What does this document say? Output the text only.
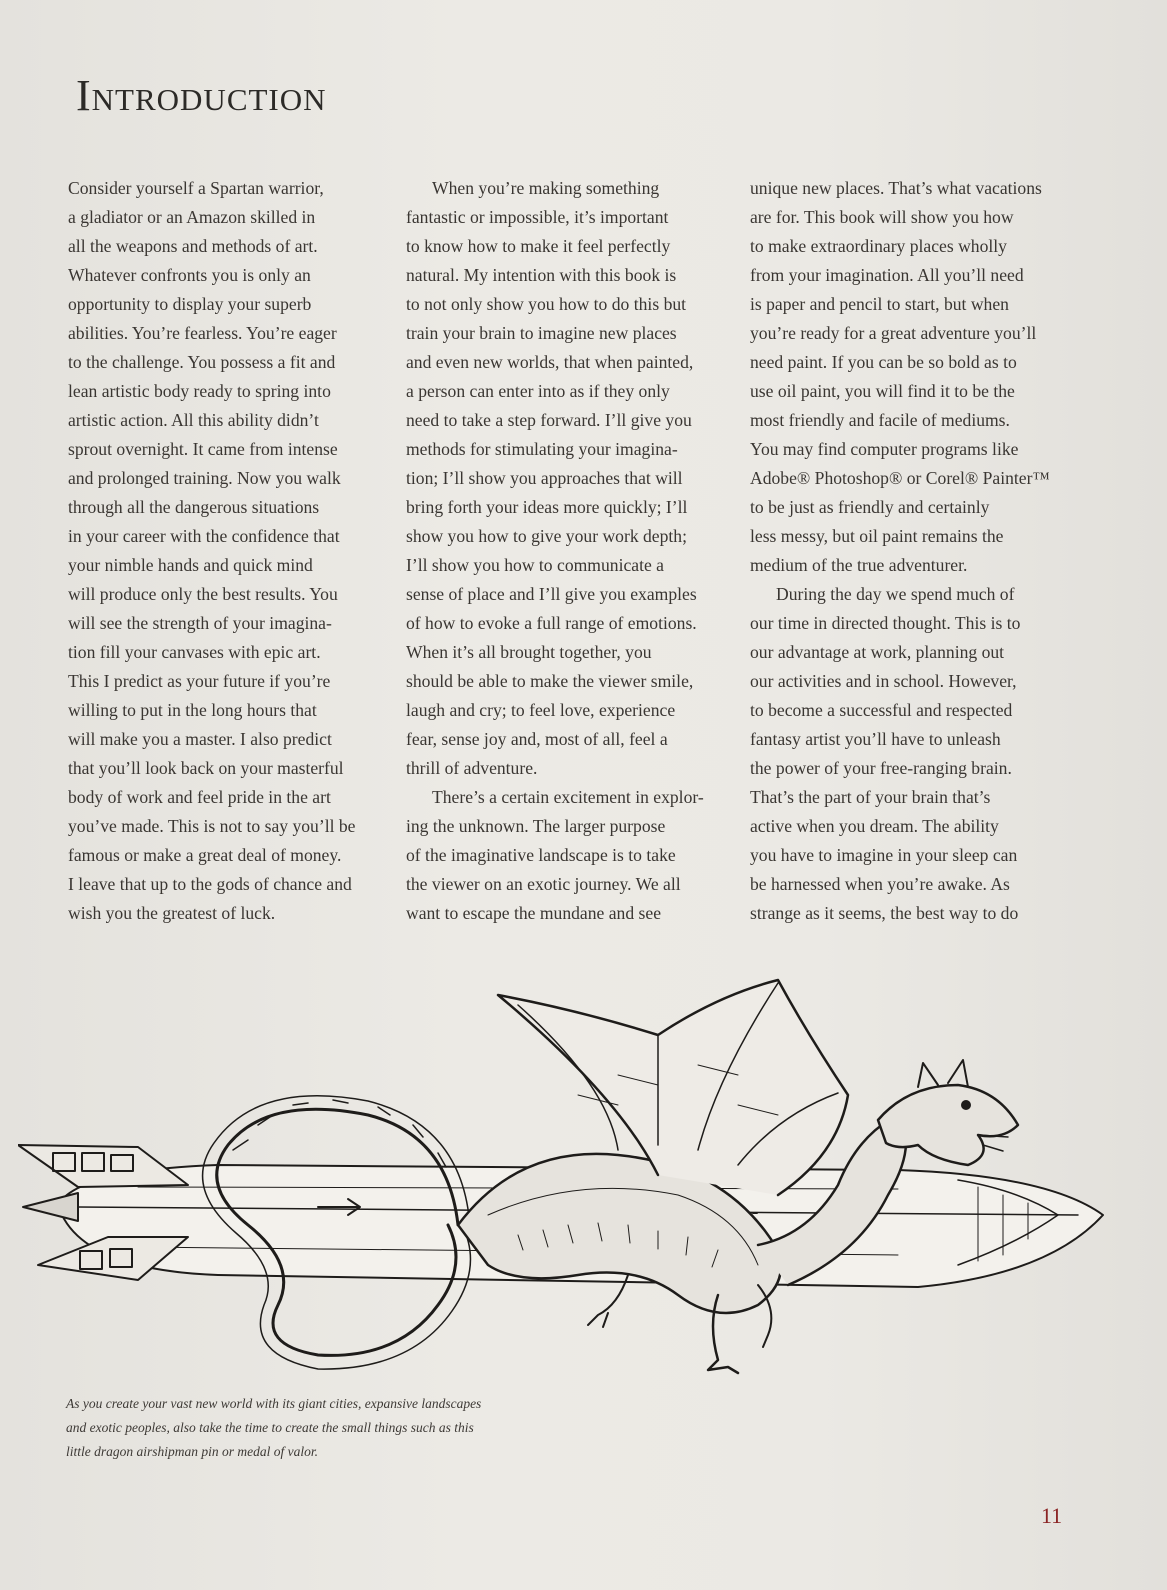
Introduction

Consider yourself a Spartan warrior,
a gladiator or an Amazon skilled in
all the weapons and methods of art.
Whatever confronts you is only an
opportunity to display your superb
abilities. You’re fearless. You’re eager
to the challenge. You possess a fit and
lean artistic body ready to spring into
artistic action. All this ability didn’t
sprout overnight. It came from intense
and prolonged training. Now you walk
through all the dangerous situations
in your career with the confidence that
your nimble hands and quick mind
will produce only the best results. You
will see the strength of your imagina-
tion fill your canvases with epic art.
This I predict as your future if you’re
willing to put in the long hours that
will make you a master. I also predict
that you’ll look back on your masterful
body of work and feel pride in the art
you’ve made. This is not to say you’ll be
famous or make a great deal of money.
I leave that up to the gods of chance and
wish you the greatest of luck.

When you’re making something
fantastic or impossible, it’s important
to know how to make it feel perfectly
natural. My intention with this book is
to not only show you how to do this but
train your brain to imagine new places
and even new worlds, that when painted,
a person can enter into as if they only
need to take a step forward. I’ll give you
methods for stimulating your imagina-
tion; I’ll show you approaches that will
bring forth your ideas more quickly; I’ll
show you how to give your work depth;
I’ll show you how to communicate a
sense of place and I’ll give you examples
of how to evoke a full range of emotions.
When it’s all brought together, you
should be able to make the viewer smile,
laugh and cry; to feel love, experience
fear, sense joy and, most of all, feel a
thrill of adventure.

There’s a certain excitement in explor-
ing the unknown. The larger purpose
of the imaginative landscape is to take
the viewer on an exotic journey. We all
want to escape the mundane and see

unique new places. That’s what vacations
are for. This book will show you how
to make extraordinary places wholly
from your imagination. All you’ll need
is paper and pencil to start, but when
you’re ready for a great adventure you’ll
need paint. If you can be so bold as to
use oil paint, you will find it to be the
most friendly and facile of mediums.
You may find computer programs like
Adobe® Photoshop® or Corel® Painter™
to be just as friendly and certainly
less messy, but oil paint remains the
medium of the true adventurer.

During the day we spend much of
our time in directed thought. This is to
our advantage at work, planning out
our activities and in school. However,
to become a successful and respected
fantasy artist you’ll have to unleash
the power of your free-ranging brain.
That’s the part of your brain that’s
active when you dream. The ability
you have to imagine in your sleep can
be harnessed when you’re awake. As
strange as it seems, the best way to do

As you create your vast new world with its giant cities, expansive landscapes
and exotic peoples, also take the time to create the small things such as this
little dragon airshipman pin or medal of valor.
11
